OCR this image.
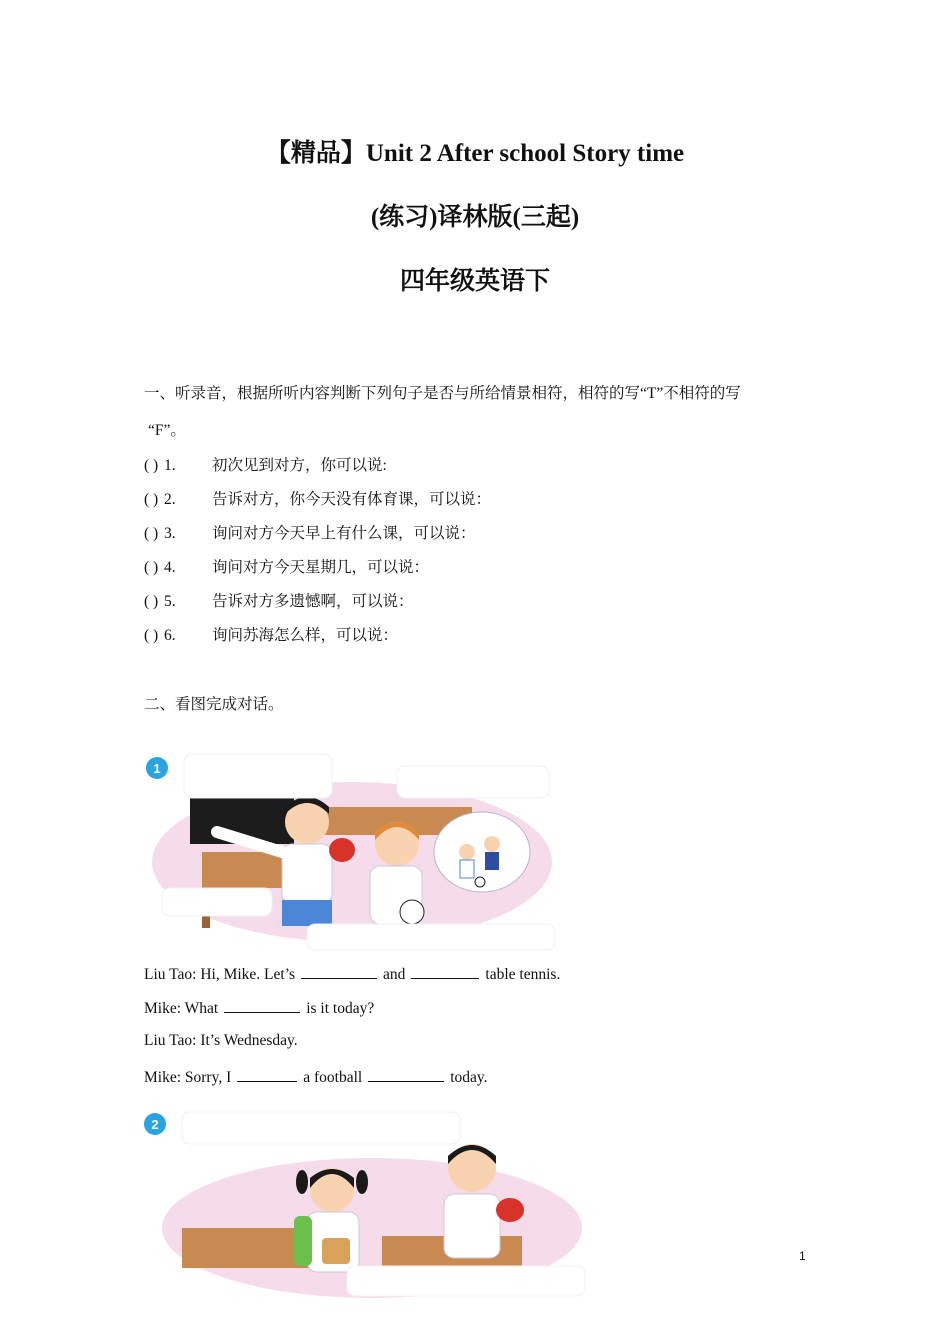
【精品】Unit 2 After school Story time
(练习)译林版(三起)
四年级英语下
一、听录音，根据所听内容判断下列句子是否与所给情景相符，相符的写“T”不相符的写
“F”。
( ) 1. 初次见到对方，你可以说:
( ) 2. 告诉对方，你今天没有体育课，可以说：
( ) 3. 询问对方今天早上有什么课，可以说：
( ) 4. 询问对方今天星期几，可以说：
( ) 5. 告诉对方多遗憾啊，可以说：
( ) 6. 询问苏海怎么样，可以说：
二、看图完成对话。
1
Liu Tao: Hi, Mike. Let’s	and	table tennis.
Mike: What	is it today?
Liu Tao: It’s Wednesday.
Mike: Sorry, I	a football	today.
2
1
